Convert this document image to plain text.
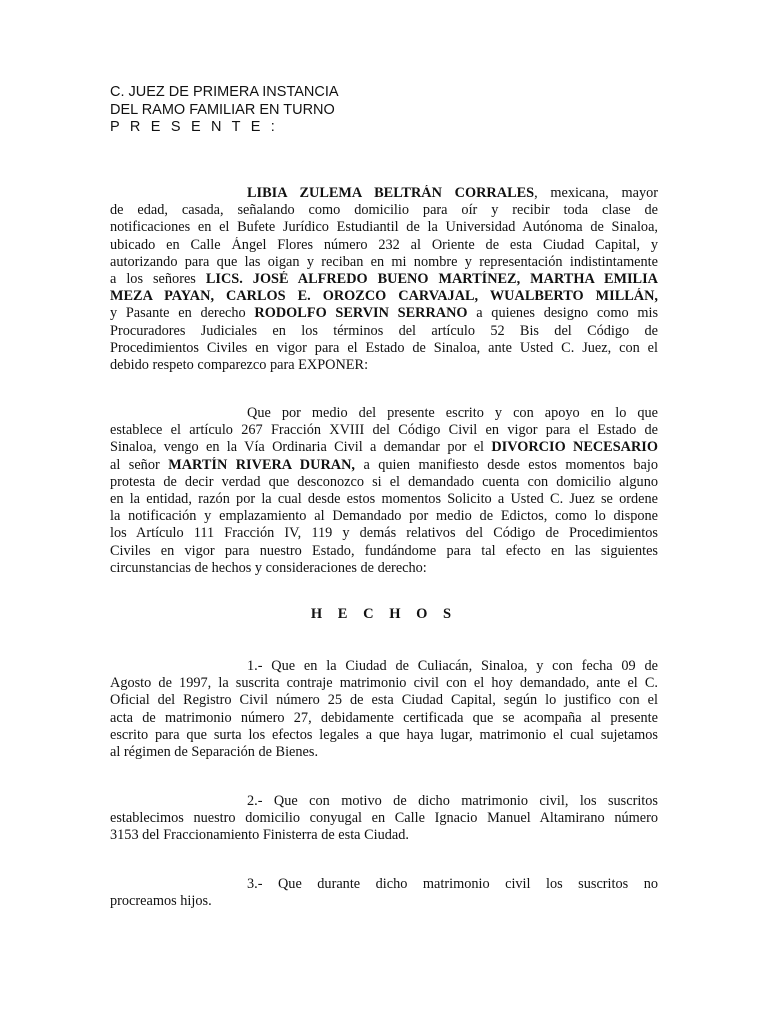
C. JUEZ DE PRIMERA INSTANCIA
DEL RAMO FAMILIAR EN TURNO
P R E S E N T E :
LIBIA ZULEMA BELTRÁN CORRALES, mexicana, mayor
de edad, casada, señalando como domicilio para oír y recibir toda clase de
notificaciones en el Bufete Jurídico Estudiantil de la Universidad Autónoma de Sinaloa,
ubicado en Calle Ángel Flores número 232 al Oriente de esta Ciudad Capital, y
autorizando para que las oigan y reciban en mi nombre y representación indistintamente
a los señores LICS. JOSÉ ALFREDO BUENO MARTÍNEZ, MARTHA EMILIA
MEZA PAYAN, CARLOS E. OROZCO CARVAJAL, WUALBERTO MILLÁN,
y Pasante en derecho RODOLFO SERVIN SERRANO a quienes designo como mis
Procuradores Judiciales en los términos del artículo 52 Bis del Código de
Procedimientos Civiles en vigor para el Estado de Sinaloa, ante Usted C. Juez, con el
debido respeto comparezco para EXPONER:
Que por medio del presente escrito y con apoyo en lo que
establece el artículo 267 Fracción XVIII del Código Civil en vigor para el Estado de
Sinaloa, vengo en la Vía Ordinaria Civil a demandar por el DIVORCIO NECESARIO
al señor MARTÍN RIVERA DURAN, a quien manifiesto desde estos momentos bajo
protesta de decir verdad que desconozco si el demandado cuenta con domicilio alguno
en la entidad, razón por la cual desde estos momentos Solicito a Usted C. Juez se ordene
la notificación y emplazamiento al Demandado por medio de Edictos, como lo dispone
los Artículo 111 Fracción IV, 119 y demás relativos del Código de Procedimientos
Civiles en vigor para nuestro Estado, fundándome para tal efecto en las siguientes
circunstancias de hechos y consideraciones de derecho:
H E C H O S
1.- Que en la Ciudad de Culiacán, Sinaloa, y con fecha 09 de
Agosto de 1997, la suscrita contraje matrimonio civil con el hoy demandado, ante el C.
Oficial del Registro Civil número 25 de esta Ciudad Capital, según lo justifico con el
acta de matrimonio número 27, debidamente certificada que se acompaña al presente
escrito para que surta los efectos legales a que haya lugar, matrimonio el cual sujetamos
al régimen de Separación de Bienes.
2.- Que con motivo de dicho matrimonio civil, los suscritos
establecimos nuestro domicilio conyugal en Calle Ignacio Manuel Altamirano número
3153 del Fraccionamiento Finisterra de esta Ciudad.
3.- Que durante dicho matrimonio civil los suscritos no
procreamos hijos.
